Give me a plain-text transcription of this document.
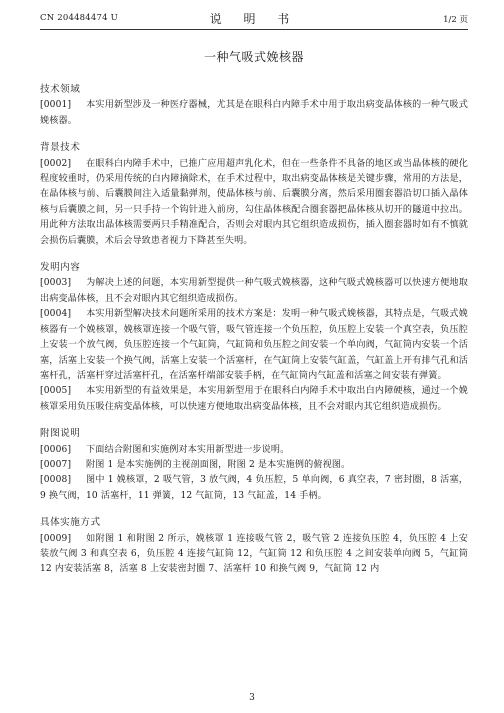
CN 204484474 U	说 明 书	1/2 页
一种气吸式娩核器
技术领域
[0001] 本实用新型涉及一种医疗器械，尤其是在眼科白内障手术中用于取出病变晶体核的一种气吸式娩核器。
背景技术
[0002] 在眼科白内障手术中，已推广应用超声乳化术，但在一些条件不具备的地区或当晶体核的硬化程度较重时，仍采用传统的白内障摘除术，在手术过程中，取出病变晶体核是关键步骤，常用的方法是，在晶体核与前、后囊膜间注入适量黏弹剂，使晶体核与前、后囊膜分离，然后采用圈套器沿切口插入晶体核与后囊膜之间，另一只手持一个钩针进入前房，勾住晶体核配合圈套器把晶体核从切开的隧道中拉出。用此种方法取出晶体核需要两只手精准配合，否则会对眼内其它组织造成损伤，插入圈套器时如有不慎就会损伤后囊膜，术后会导致患者视力下降甚至失明。
发明内容
[0003] 为解决上述的问题，本实用新型提供一种气吸式娩核器，这种气吸式娩核器可以快速方便地取出病变晶体核，且不会对眼内其它组织造成损伤。
[0004] 本实用新型解决技术问题所采用的技术方案是：发明一种气吸式娩核器，其特点是，气吸式娩核器有一个娩核罩，娩核罩连接一个吸气管，吸气管连接一个负压腔，负压腔上安装一个真空表，负压腔上安装一个放气阀，负压腔连接一个气缸筒，气缸筒和负压腔之间安装一个单向阀，气缸筒内安装一个活塞，活塞上安装一个换气阀，活塞上安装一个活塞杆，在气缸筒上安装气缸盖，气缸盖上开有排气孔和活塞杆孔，活塞杆穿过活塞杆孔，在活塞杆端部安装手柄，在气缸筒内气缸盖和活塞之间安装有弹簧。
[0005] 本实用新型的有益效果是，本实用新型用于在眼科白内障手术中取出白内障硬核，通过一个娩核罩采用负压吸住病变晶体核，可以快速方便地取出病变晶体核，且不会对眼内其它组织造成损伤。
附图说明
[0006] 下面结合附图和实施例对本实用新型进一步说明。
[0007] 附图 1 是本实施例的主视剖面图，附图 2 是本实施例的俯视图。
[0008] 图中 1 娩核罩，2 吸气管，3 放气阀，4 负压腔，5 单向阀，6 真空表，7 密封圈，8 活塞，9 换气阀，10 活塞杆，11 弹簧，12 气缸筒，13 气缸盖，14 手柄。
具体实施方式
[0009] 如附图 1 和附图 2 所示，娩核罩 1 连接吸气管 2，吸气管 2 连接负压腔 4，负压腔 4 上安装放气阀 3 和真空表 6，负压腔 4 连接气缸筒 12，气缸筒 12 和负压腔 4 之间安装单向阀 5，气缸筒 12 内安装活塞 8，活塞 8 上安装密封圈 7、活塞杆 10 和换气阀 9，气缸筒 12 内
3
